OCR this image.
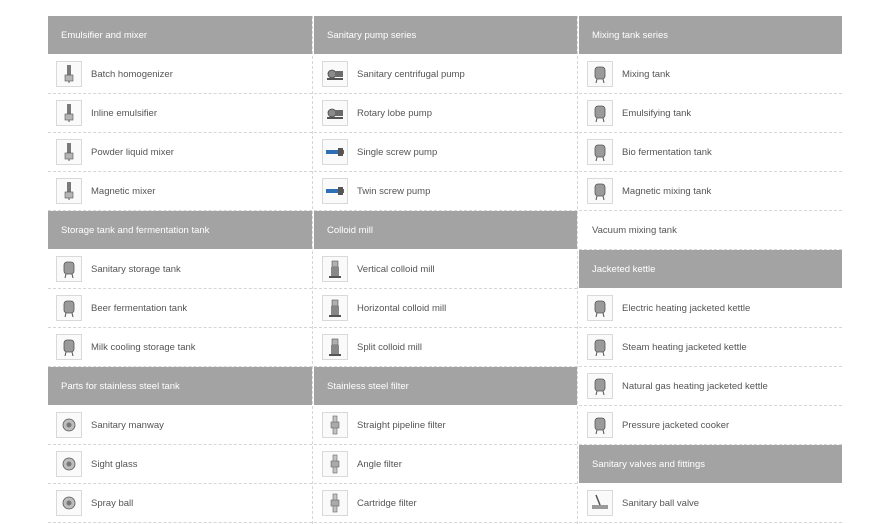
Emulsifier and mixer
Batch homogenizer
Inline emulsifier
Powder liquid mixer
Magnetic mixer
Storage tank and fermentation tank
Sanitary storage tank
Beer fermentation tank
Milk cooling storage tank
Parts for stainless steel tank
Sanitary manway
Sight glass
Spray ball
Sanitary pump series
Sanitary centrifugal pump
Rotary lobe pump
Single screw pump
Twin screw pump
Colloid mill
Vertical colloid mill
Horizontal colloid mill
Split colloid mill
Stainless steel filter
Straight pipeline filter
Angle filter
Cartridge filter
Mixing tank series
Mixing tank
Emulsifying tank
Bio fermentation tank
Magnetic mixing tank
Vacuum mixing tank
Jacketed kettle
Electric heating jacketed kettle
Steam heating jacketed kettle
Natural gas heating jacketed kettle
Pressure jacketed cooker
Sanitary valves and fittings
Sanitary ball valve
